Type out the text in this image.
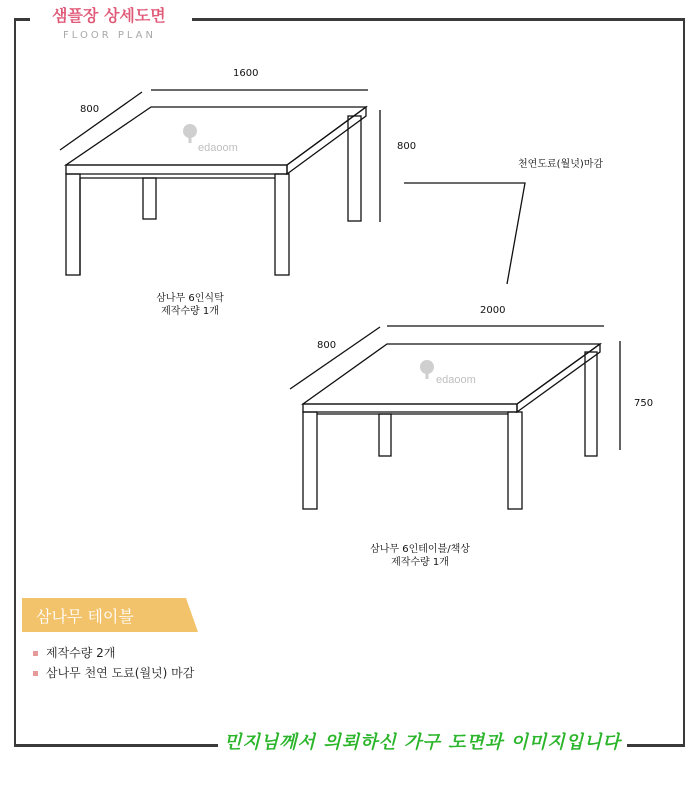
샘플장 상세도면
FLOOR PLAN
edaoom
edaoom
1600
800
800
삼나무 6인식탁
제작수량 1개
천연도료(월넛)마감
2000
800
750
삼나무 6인테이블/책상
제작수량 1개
삼나무 테이블
제작수량 2개
삼나무 천연 도료(월넛) 마감
민지님께서 의뢰하신 가구 도면과 이미지입니다
